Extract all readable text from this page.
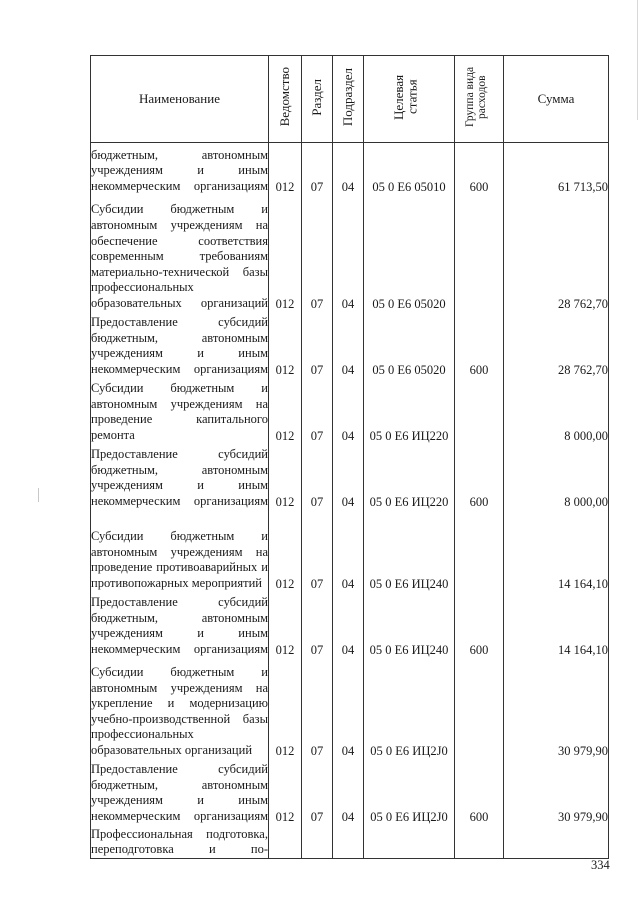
Наименование	Ведомство	Раздел	Подраздел	Целевая статья	Группа вида расходов	Сумма
бюджетным, автономным учреждениям и иным некоммерческим организациям	012	07	04	05 0 Е6 05010	600	61 713,50
Субсидии бюджетным и автономным учреждениям на обеспечение соответствия современным требованиям материально-технической базы профессиональных образовательных организаций	012	07	04	05 0 Е6 05020		28 762,70
Предоставление субсидий бюджетным, автономным учреждениям и иным некоммерческим организациям	012	07	04	05 0 Е6 05020	600	28 762,70
Субсидии бюджетным и автономным учреждениям на проведение капитального ремонта	012	07	04	05 0 Е6 ИЦ220		8 000,00
Предоставление субсидий бюджетным, автономным учреждениям и иным некоммерческим организациям	012	07	04	05 0 Е6 ИЦ220	600	8 000,00
Субсидии бюджетным и автономным учреждениям на проведение противоаварийных и противопожарных мероприятий	012	07	04	05 0 Е6 ИЦ240		14 164,10
Предоставление субсидий бюджетным, автономным учреждениям и иным некоммерческим организациям	012	07	04	05 0 Е6 ИЦ240	600	14 164,10
Субсидии бюджетным и автономным учреждениям на укрепление и модернизацию учебно-производственной базы профессиональных образовательных организаций	012	07	04	05 0 Е6 ИЦ2J0		30 979,90
Предоставление субсидий бюджетным, автономным учреждениям и иным некоммерческим организациям	012	07	04	05 0 Е6 ИЦ2J0	600	30 979,90
Профессиональная подготовка, переподготовка и по-						
334
